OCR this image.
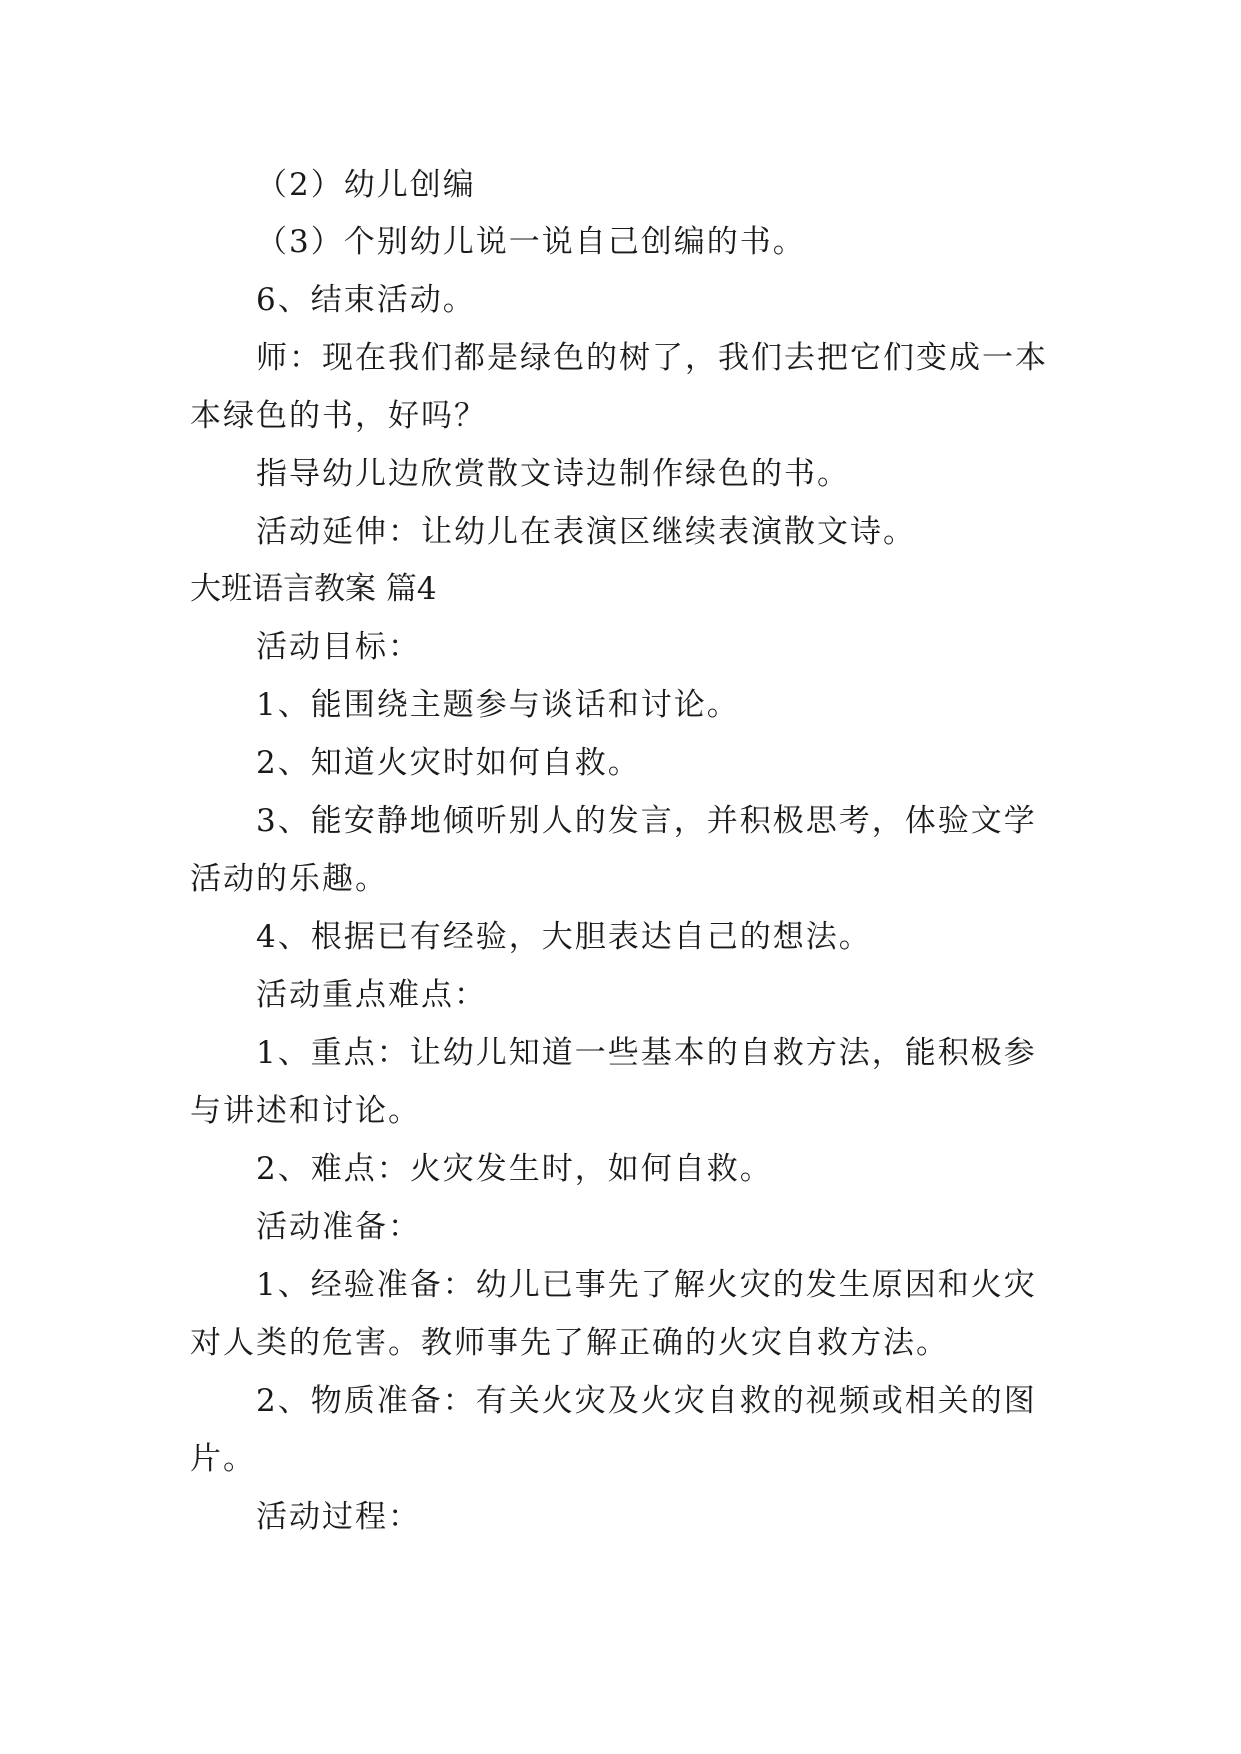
（2）幼儿创编
（3）个别幼儿说一说自己创编的书。
6、结束活动。
师：现在我们都是绿色的树了，我们去把它们变成一本
本绿色的书，好吗？
指导幼儿边欣赏散文诗边制作绿色的书。
活动延伸：让幼儿在表演区继续表演散文诗。
大班语言教案 篇4
活动目标：
1、能围绕主题参与谈话和讨论。
2、知道火灾时如何自救。
3、能安静地倾听别人的发言，并积极思考，体验文学
活动的乐趣。
4、根据已有经验，大胆表达自己的想法。
活动重点难点：
1、重点：让幼儿知道一些基本的自救方法，能积极参
与讲述和讨论。
2、难点：火灾发生时，如何自救。
活动准备：
1、经验准备：幼儿已事先了解火灾的发生原因和火灾
对人类的危害。教师事先了解正确的火灾自救方法。
2、物质准备：有关火灾及火灾自救的视频或相关的图
片。
活动过程：
